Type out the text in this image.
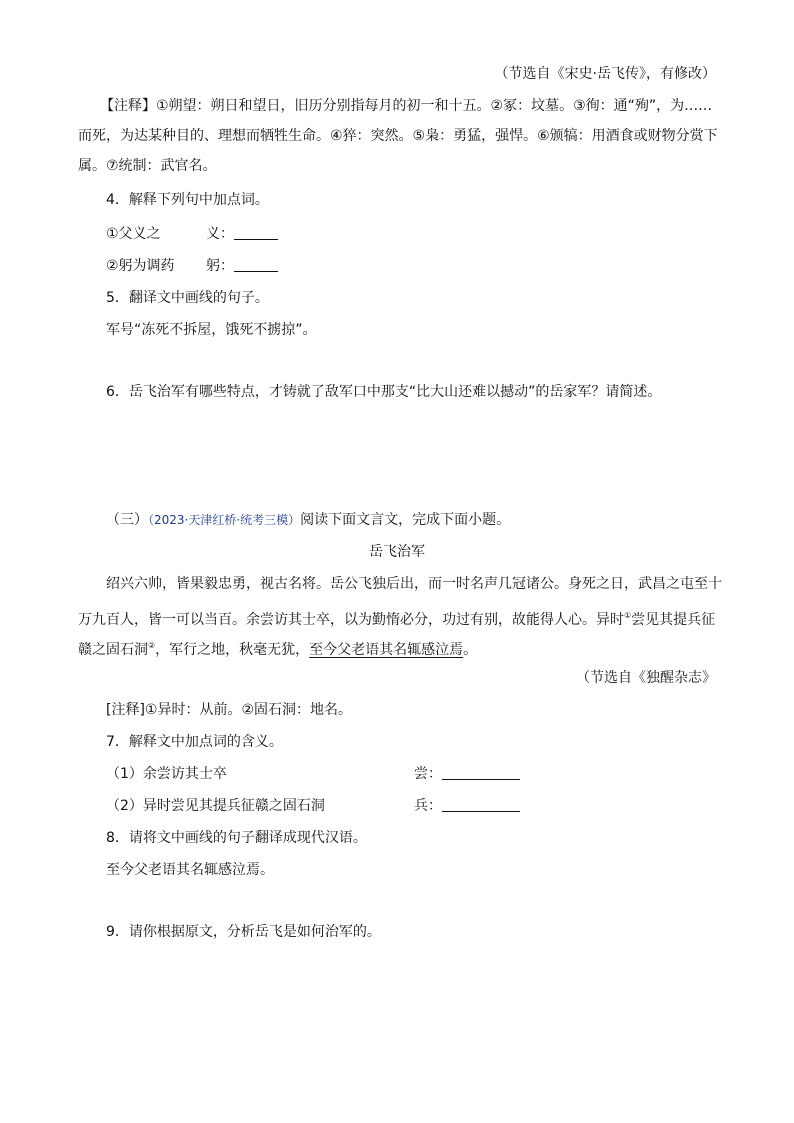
（节选自《宋史·岳飞传》，有修改）
【注释】①朔望：朔日和望日，旧历分别指每月的初一和十五。②冢：坟墓。③徇：通“殉”，为……
而死，为达某种目的、理想而牺牲生命。④猝：突然。⑤枭：勇猛，强悍。⑥颁犒：用酒食或财物分赏下
属。⑦统制：武官名。
4．解释下列句中加点词。
①父义之	义：
②躬为调药 躬：
5．翻译文中画线的句子。
军号“冻死不拆屋，饿死不掳掠”。
6．岳飞治军有哪些特点，才铸就了敌军口中那支“比大山还难以撼动”的岳家军？请简述。
（三）（2023·天津红桥·统考三模）阅读下面文言文，完成下面小题。
岳飞治军
绍兴六帅，皆果毅忠勇，视古名将。岳公飞独后出，而一时名声几冠诸公。身死之日，武昌之屯至十
万九百人，皆一可以当百。余尝访其士卒，以为勤惰必分，功过有别，故能得人心。异时①尝见其提兵征
赣之固石洞②，军行之地，秋毫无犹，至今父老语其名辄感泣焉。
（节选自《独醒杂志》
[注释]①异时：从前。②固石洞：地名。
7．解释文中加点词的含义。
（1）余尝访其士卒	尝：
（2）异时尝见其提兵征赣之固石洞	兵：
8．请将文中画线的句子翻译成现代汉语。
至今父老语其名辄感泣焉。
9．请你根据原文，分析岳飞是如何治军的。
